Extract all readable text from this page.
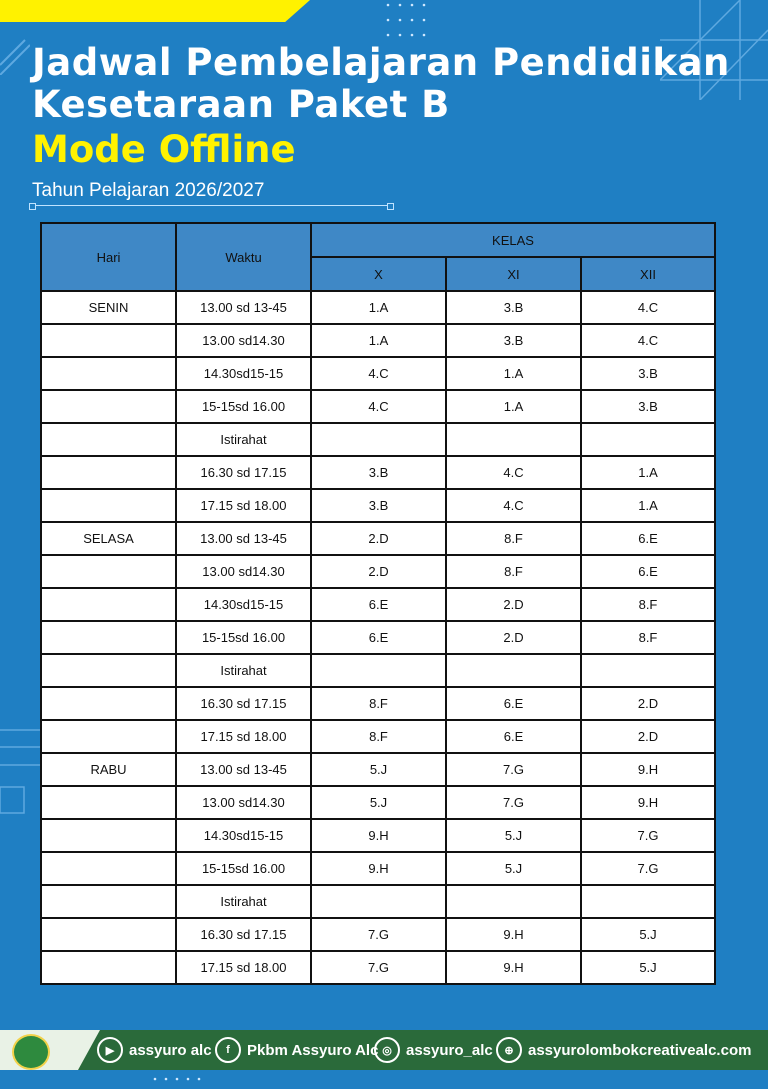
Jadwal Pembelajaran Pendidikan
Kesetaraan Paket B
Mode Offline
Tahun Pelajaran 2026/2027
Hari	Waktu	KELAS		
		X	XI	XII
SENIN	13.00 sd 13-45	1.A	3.B	4.C
	13.00 sd14.30	1.A	3.B	4.C
	14.30sd15-15	4.C	1.A	3.B
	15-15sd 16.00	4.C	1.A	3.B
	Istirahat			
	16.30 sd 17.15	3.B	4.C	1.A
	17.15 sd 18.00	3.B	4.C	1.A
SELASA	13.00 sd 13-45	2.D	8.F	6.E
	13.00 sd14.30	2.D	8.F	6.E
	14.30sd15-15	6.E	2.D	8.F
	15-15sd 16.00	6.E	2.D	8.F
	Istirahat			
	16.30 sd 17.15	8.F	6.E	2.D
	17.15 sd 18.00	8.F	6.E	2.D
RABU	13.00 sd 13-45	5.J	7.G	9.H
	13.00 sd14.30	5.J	7.G	9.H
	14.30sd15-15	9.H	5.J	7.G
	15-15sd 16.00	9.H	5.J	7.G
	Istirahat			
	16.30 sd 17.15	7.G	9.H	5.J
	17.15 sd 18.00	7.G	9.H	5.J
▶ assyuro alc	f	Pkbm Assyuro Alc ◎ assyuro_alc	⊕ assyurolombokcreativealc.com
